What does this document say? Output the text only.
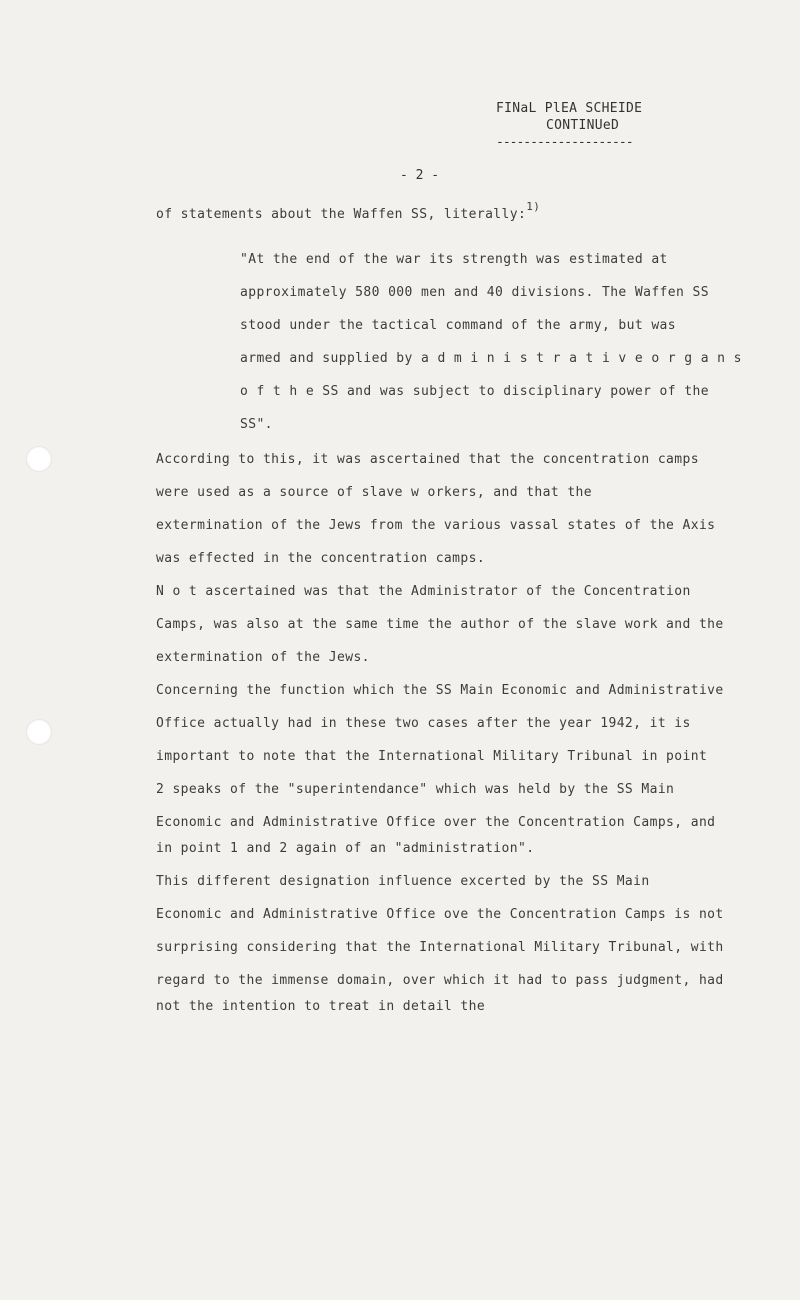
FINaL PlEA SCHEIDE
CONTINUeD
--------------------
- 2 -
of statements about the Waffen SS, literally:$^{1)}$
"At the end of the war its strength was estimated at
approximately 580 000 men and 40 divisions. The Waffen SS
stood under the tactical command of the army, but was
armed and supplied by a d m i n i s t r a t i v e o r g a n s
o f t h e SS and was subject to disciplinary power of the
SS".
According to this, it was ascertained that the concentration camps
were used as a source of slave w orkers, and that the
extermination of the Jews from the various vassal states of the Axis
was effected in the concentration camps.
N o t ascertained was that the Administrator of the Concentration
Camps, was also at the same time the author of the slave work and the
extermination of the Jews.
Concerning the function which the SS Main Economic and Administrative
Office actually had in these two cases after the year 1942, it is
important to note that the International Military Tribunal in point
2 speaks of the "superintendance" which was held by the SS Main
Economic and Administrative Office over the Concentration Camps, and
in point 1 and 2 again of an "administration".
This different designation influence excerted by the SS Main
Economic and Administrative Office ove the Concentration Camps is not
surprising considering that the International Military Tribunal, with
regard to the immense domain, over which it had to pass judgment, had
not the intention to treat in detail the
